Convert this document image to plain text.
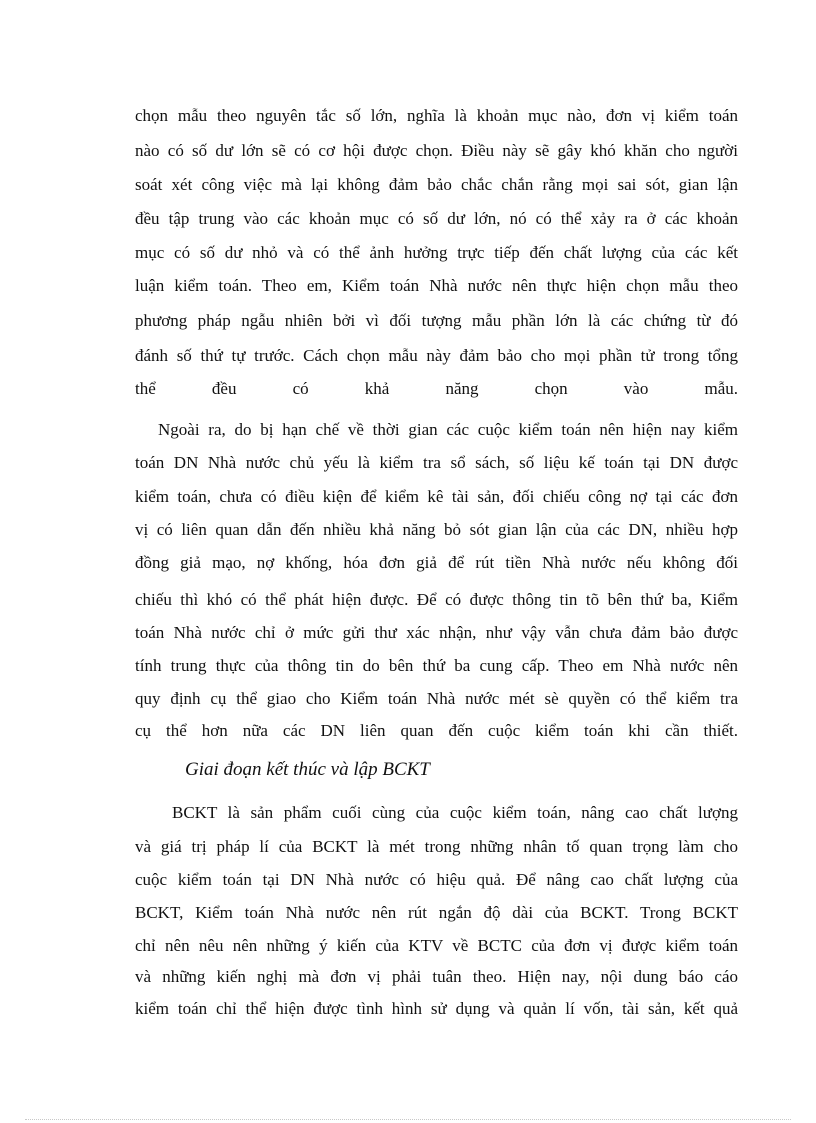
chọn mẫu theo nguyên tắc số lớn, nghĩa là khoản mục nào, đơn vị kiểm toán
nào có số dư lớn sẽ có cơ hội được chọn. Điều này sẽ gây khó khăn cho người
soát xét công việc mà lại không đảm bảo chắc chắn rằng mọi sai sót, gian lận
đều tập trung vào các khoản mục có số dư lớn, nó có thể xảy ra ở các khoản
mục có số dư nhỏ và có thể ảnh hưởng trực tiếp đến chất lượng của các kết
luận kiểm toán. Theo em, Kiểm toán Nhà nước nên thực hiện chọn mẫu theo
phương pháp ngẫu nhiên bởi vì đối tượng mẫu phần lớn là các chứng từ đó
đánh số thứ tự trước. Cách chọn mẫu này đảm bảo cho mọi phần tử trong tổng
thể đều có khả năng chọn vào mẫu.
Ngoài ra, do bị hạn chế về thời gian các cuộc kiểm toán nên hiện nay kiểm
toán DN Nhà nước chủ yếu là kiểm tra sổ sách, số liệu kế toán tại DN được
kiểm toán, chưa có điều kiện để kiểm kê tài sản, đối chiếu công nợ tại các đơn
vị có liên quan dẫn đến nhiều khả năng bỏ sót gian lận của các DN, nhiều hợp
đồng giả mạo, nợ khống, hóa đơn giả để rút tiền Nhà nước nếu không đối
chiếu thì khó có thể phát hiện được. Để có được thông tin tõ bên thứ ba, Kiểm
toán Nhà nước chỉ ở mức gửi thư xác nhận, như vậy vẫn chưa đảm bảo được
tính trung thực của thông tin do bên thứ ba cung cấp. Theo em Nhà nước nên
quy định cụ thể giao cho Kiểm toán Nhà nước mét sè quyền có thể kiểm tra
cụ thể hơn nữa các DN liên quan đến cuộc kiểm toán khi cần thiết.
Giai đoạn kết thúc và lập BCKT
BCKT là sản phẩm cuối cùng của cuộc kiểm toán, nâng cao chất lượng
và giá trị pháp lí của BCKT là mét trong những nhân tố quan trọng làm cho
cuộc kiểm toán tại DN Nhà nước có hiệu quả. Để nâng cao chất lượng của
BCKT, Kiểm toán Nhà nước nên rút ngắn độ dài của BCKT. Trong BCKT
chỉ nên nêu nên những ý kiến của KTV về BCTC của đơn vị được kiểm toán
và những kiến nghị mà đơn vị phải tuân theo. Hiện nay, nội dung báo cáo
kiểm toán chỉ thể hiện được tình hình sử dụng và quản lí vốn, tài sản, kết quả
